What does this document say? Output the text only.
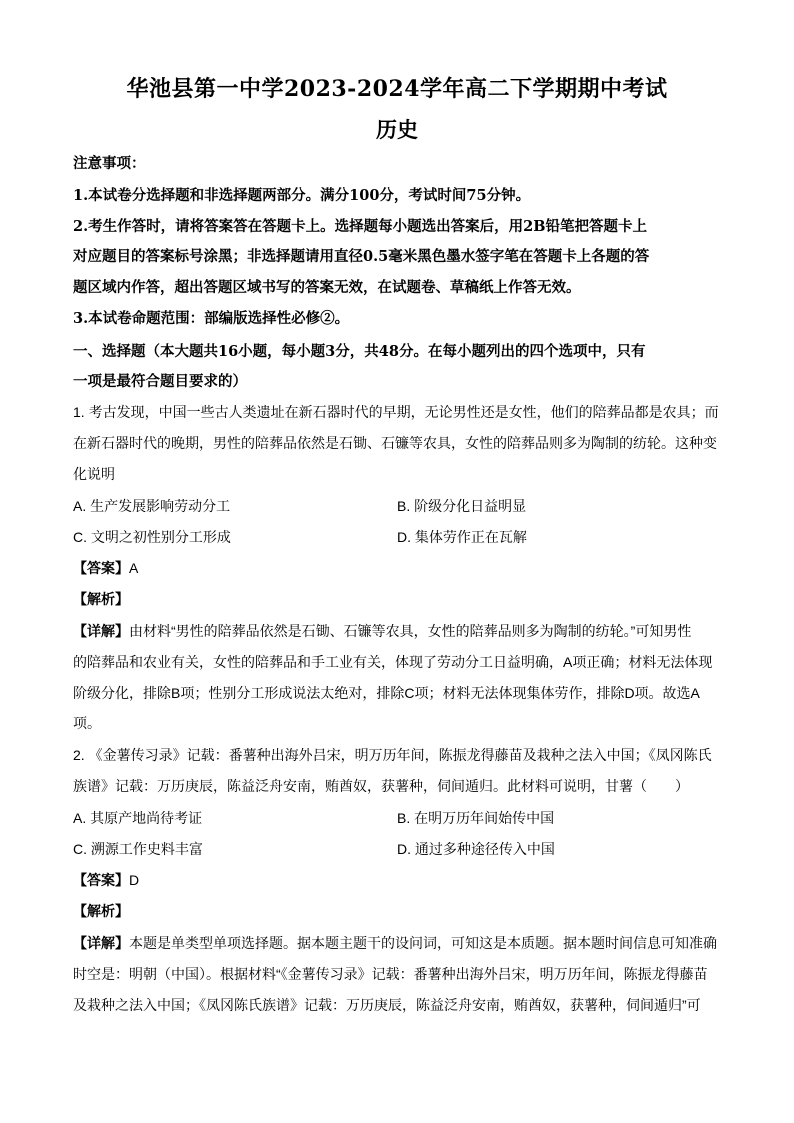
华池县第一中学2023-2024学年高二下学期期中考试
历史
注意事项：
1.本试卷分选择题和非选择题两部分。满分100分，考试时间75分钟。
2.考生作答时，请将答案答在答题卡上。选择题每小题选出答案后，用2B铅笔把答题卡上
对应题目的答案标号涂黑；非选择题请用直径0.5毫米黑色墨水签字笔在答题卡上各题的答
题区域内作答，超出答题区域书写的答案无效，在试题卷、草稿纸上作答无效。
3.本试卷命题范围：部编版选择性必修②。
一、选择题（本大题共16小题，每小题3分，共48分。在每小题列出的四个选项中，只有
一项是最符合题目要求的）
1. 考古发现，中国一些古人类遗址在新石器时代的早期，无论男性还是女性，他们的陪葬品都是农具；而
在新石器时代的晚期，男性的陪葬品依然是石锄、石镰等农具，女性的陪葬品则多为陶制的纺轮。这种变
化说明
A. 生产发展影响劳动分工	B. 阶级分化日益明显
C. 文明之初性别分工形成	D. 集体劳作正在瓦解
【答案】A
【解析】
【详解】由材料“男性的陪葬品依然是石锄、石镰等农具，女性的陪葬品则多为陶制的纺轮。”可知男性
的陪葬品和农业有关，女性的陪葬品和手工业有关，体现了劳动分工日益明确，A项正确；材料无法体现
阶级分化，排除B项；性别分工形成说法太绝对，排除C项；材料无法体现集体劳作，排除D项。故选A
项。
2. 《金薯传习录》记载：番薯种出海外吕宋，明万历年间，陈振龙得藤苗及栽种之法入中国；《凤冈陈氏
族谱》记载：万历庚辰，陈益泛舟安南，贿酋奴，获薯种，伺间遁归。此材料可说明，甘薯（　　）
A. 其原产地尚待考证	B. 在明万历年间始传中国
C. 溯源工作史料丰富	D. 通过多种途径传入中国
【答案】D
【解析】
【详解】本题是单类型单项选择题。据本题主题干的设问词，可知这是本质题。据本题时间信息可知准确
时空是：明朝（中国）。根据材料“《金薯传习录》记载：番薯种出海外吕宋，明万历年间，陈振龙得藤苗
及栽种之法入中国；《凤冈陈氏族谱》记载：万历庚辰，陈益泛舟安南，贿酋奴，获薯种，伺间遁归”可
